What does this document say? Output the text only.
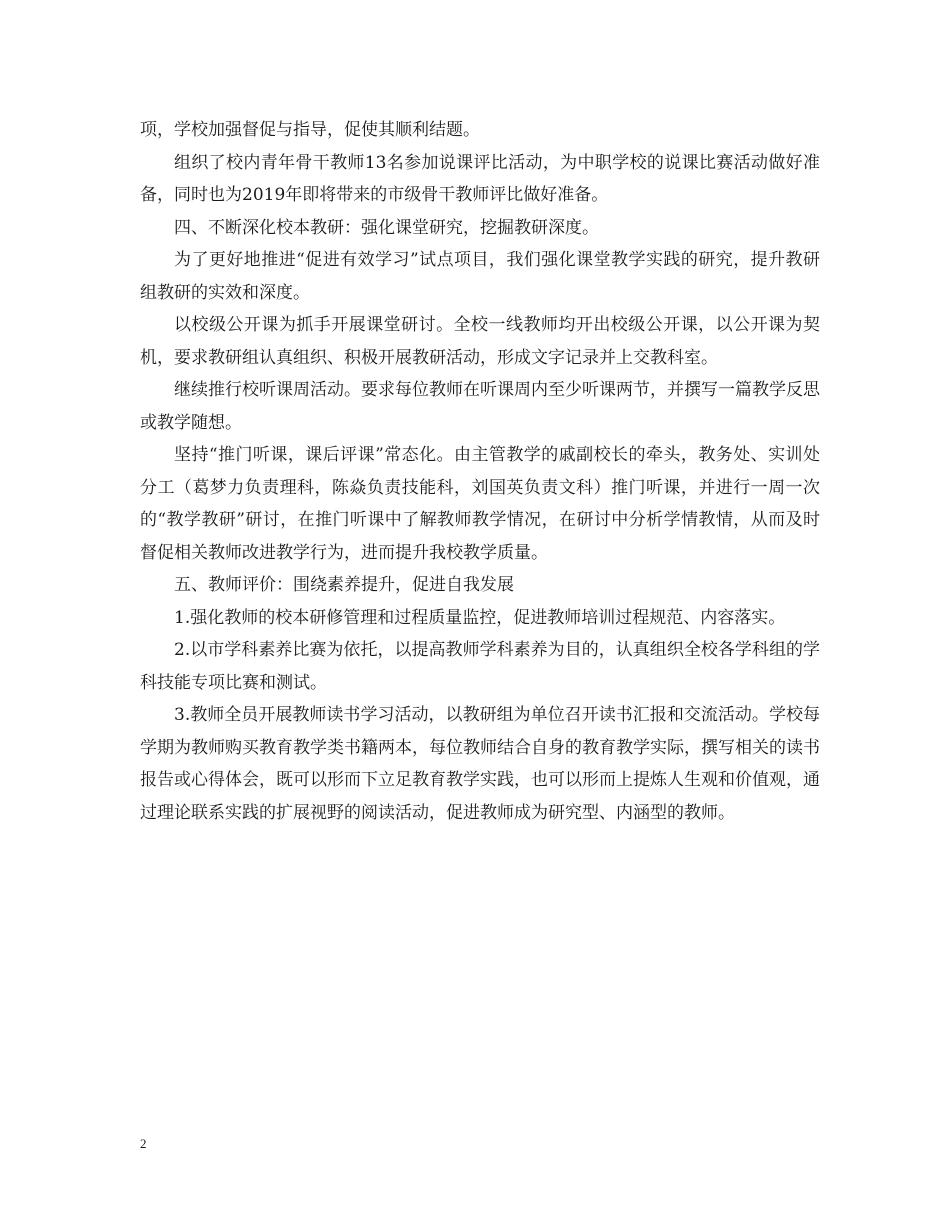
项，学校加强督促与指导，促使其顺利结题。

组织了校内青年骨干教师13名参加说课评比活动，为中职学校的说课比赛活动做好准备，同时也为2019年即将带来的市级骨干教师评比做好准备。

四、不断深化校本教研：强化课堂研究，挖掘教研深度。

为了更好地推进“促进有效学习”试点项目，我们强化课堂教学实践的研究，提升教研组教研的实效和深度。

以校级公开课为抓手开展课堂研讨。全校一线教师均开出校级公开课，以公开课为契机，要求教研组认真组织、积极开展教研活动，形成文字记录并上交教科室。

继续推行校听课周活动。要求每位教师在听课周内至少听课两节，并撰写一篇教学反思或教学随想。

坚持“推门听课，课后评课”常态化。由主管教学的戚副校长的牵头，教务处、实训处分工（葛梦力负责理科，陈焱负责技能科，刘国英负责文科）推门听课，并进行一周一次的“教学教研”研讨，在推门听课中了解教师教学情况，在研讨中分析学情教情，从而及时督促相关教师改进教学行为，进而提升我校教学质量。

五、教师评价：围绕素养提升，促进自我发展

1.强化教师的校本研修管理和过程质量监控，促进教师培训过程规范、内容落实。

2.以市学科素养比赛为依托，以提高教师学科素养为目的，认真组织全校各学科组的学科技能专项比赛和测试。

3.教师全员开展教师读书学习活动，以教研组为单位召开读书汇报和交流活动。学校每学期为教师购买教育教学类书籍两本，每位教师结合自身的教育教学实际，撰写相关的读书报告或心得体会，既可以形而下立足教育教学实践，也可以形而上提炼人生观和价值观，通过理论联系实践的扩展视野的阅读活动，促进教师成为研究型、内涵型的教师。

2
